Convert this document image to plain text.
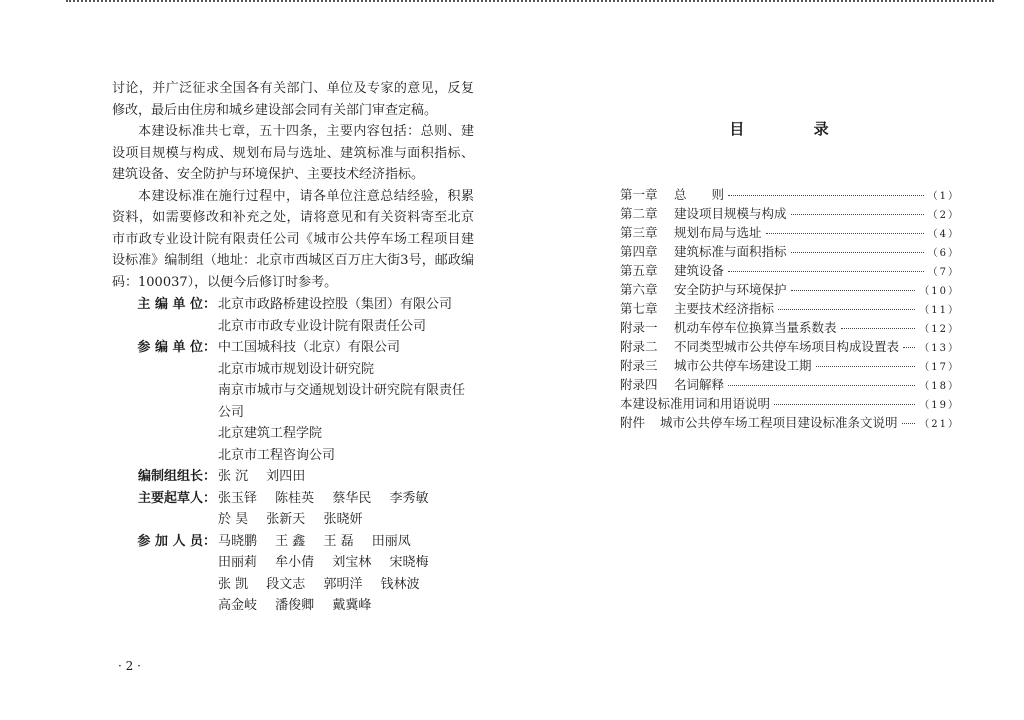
讨论，并广泛征求全国各有关部门、单位及专家的意见，反复修改，最后由住房和城乡建设部会同有关部门审查定稿。

本建设标准共七章，五十四条，主要内容包括：总则、建设项目规模与构成、规划布局与选址、建筑标准与面积指标、建筑设备、安全防护与环境保护、主要技术经济指标。

本建设标准在施行过程中，请各单位注意总结经验，积累资料，如需要修改和补充之处，请将意见和有关资料寄至北京市市政专业设计院有限责任公司《城市公共停车场工程项目建设标准》编制组（地址：北京市西城区百万庄大街3号，邮政编码：100037），以便今后修订时参考。

主 编 单 位： 北京市政路桥建设控股（集团）有限公司
北京市市政专业设计院有限责任公司
参 编 单 位： 中工国城科技（北京）有限公司
北京市城市规划设计研究院
南京市城市与交通规划设计研究院有限责任公司
北京建筑工程学院
北京市工程咨询公司
编制组组长： 张 沉 刘四田
主要起草人： 张玉铎 陈桂英 蔡华民 李秀敏 於 昊 张新天 张晓妍
参 加 人 员： 马晓鹏 王 鑫 王 磊 田丽凤 田丽莉 牟小倩 刘宝林 宋晓梅 张 凯 段文志 郭明洋 钱林波 高金岐 潘俊卿 戴冀峰
· 2 ·
目 录
第一章	总　　则	（1）
第二章	建设项目规模与构成	（2）
第三章	规划布局与选址	（4）
第四章	建筑标准与面积指标	（6）
第五章	建筑设备	（7）
第六章	安全防护与环境保护	（10）
第七章	主要技术经济指标	（11）
附录一	机动车停车位换算当量系数表	（12）
附录二	不同类型城市公共停车场项目构成设置表 （13）
附录三	城市公共停车场建设工期	（17）
附录四	名词解释	（18）
本建设标准用词和用语说明	（19）
附件	城市公共停车场工程项目建设标准条文说明 （21）
